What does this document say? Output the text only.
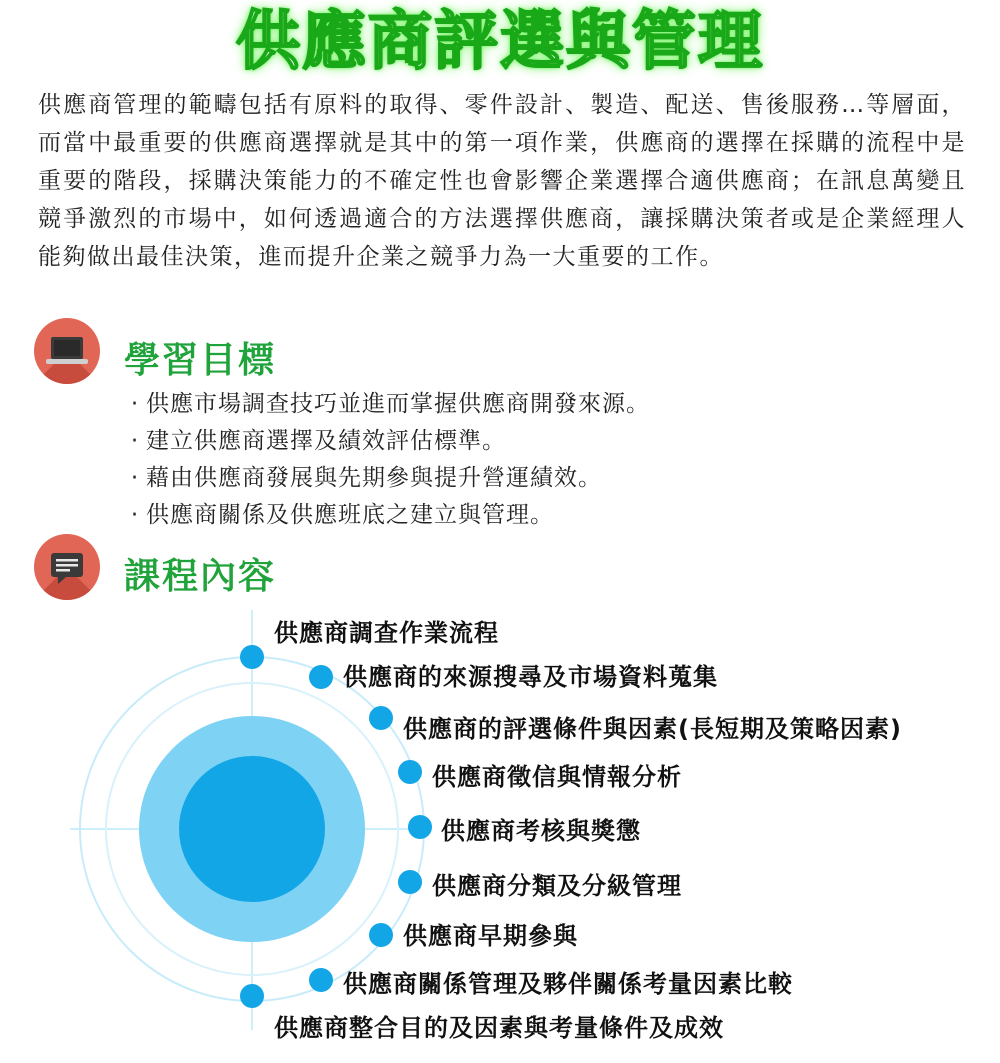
供應商評選與管理
供應商管理的範疇包括有原料的取得、零件設計、製造、配送、售後服務…等層面，而當中最重要的供應商選擇就是其中的第一項作業，供應商的選擇在採購的流程中是重要的階段，採購決策能力的不確定性也會影響企業選擇合適供應商；在訊息萬變且競爭激烈的市場中，如何透過適合的方法選擇供應商，讓採購決策者或是企業經理人能夠做出最佳決策，進而提升企業之競爭力為一大重要的工作。
學習目標
· 供應市場調查技巧並進而掌握供應商開發來源。
· 建立供應商選擇及績效評估標準。
· 藉由供應商發展與先期參與提升營運績效。
· 供應商關係及供應班底之建立與管理。
課程內容
供應商調查作業流程
供應商的來源搜尋及市場資料蒐集
供應商的評選條件與因素(長短期及策略因素)
供應商徵信與情報分析
供應商考核與獎懲
供應商分類及分級管理
供應商早期參與
供應商關係管理及夥伴關係考量因素比較
供應商整合目的及因素與考量條件及成效
